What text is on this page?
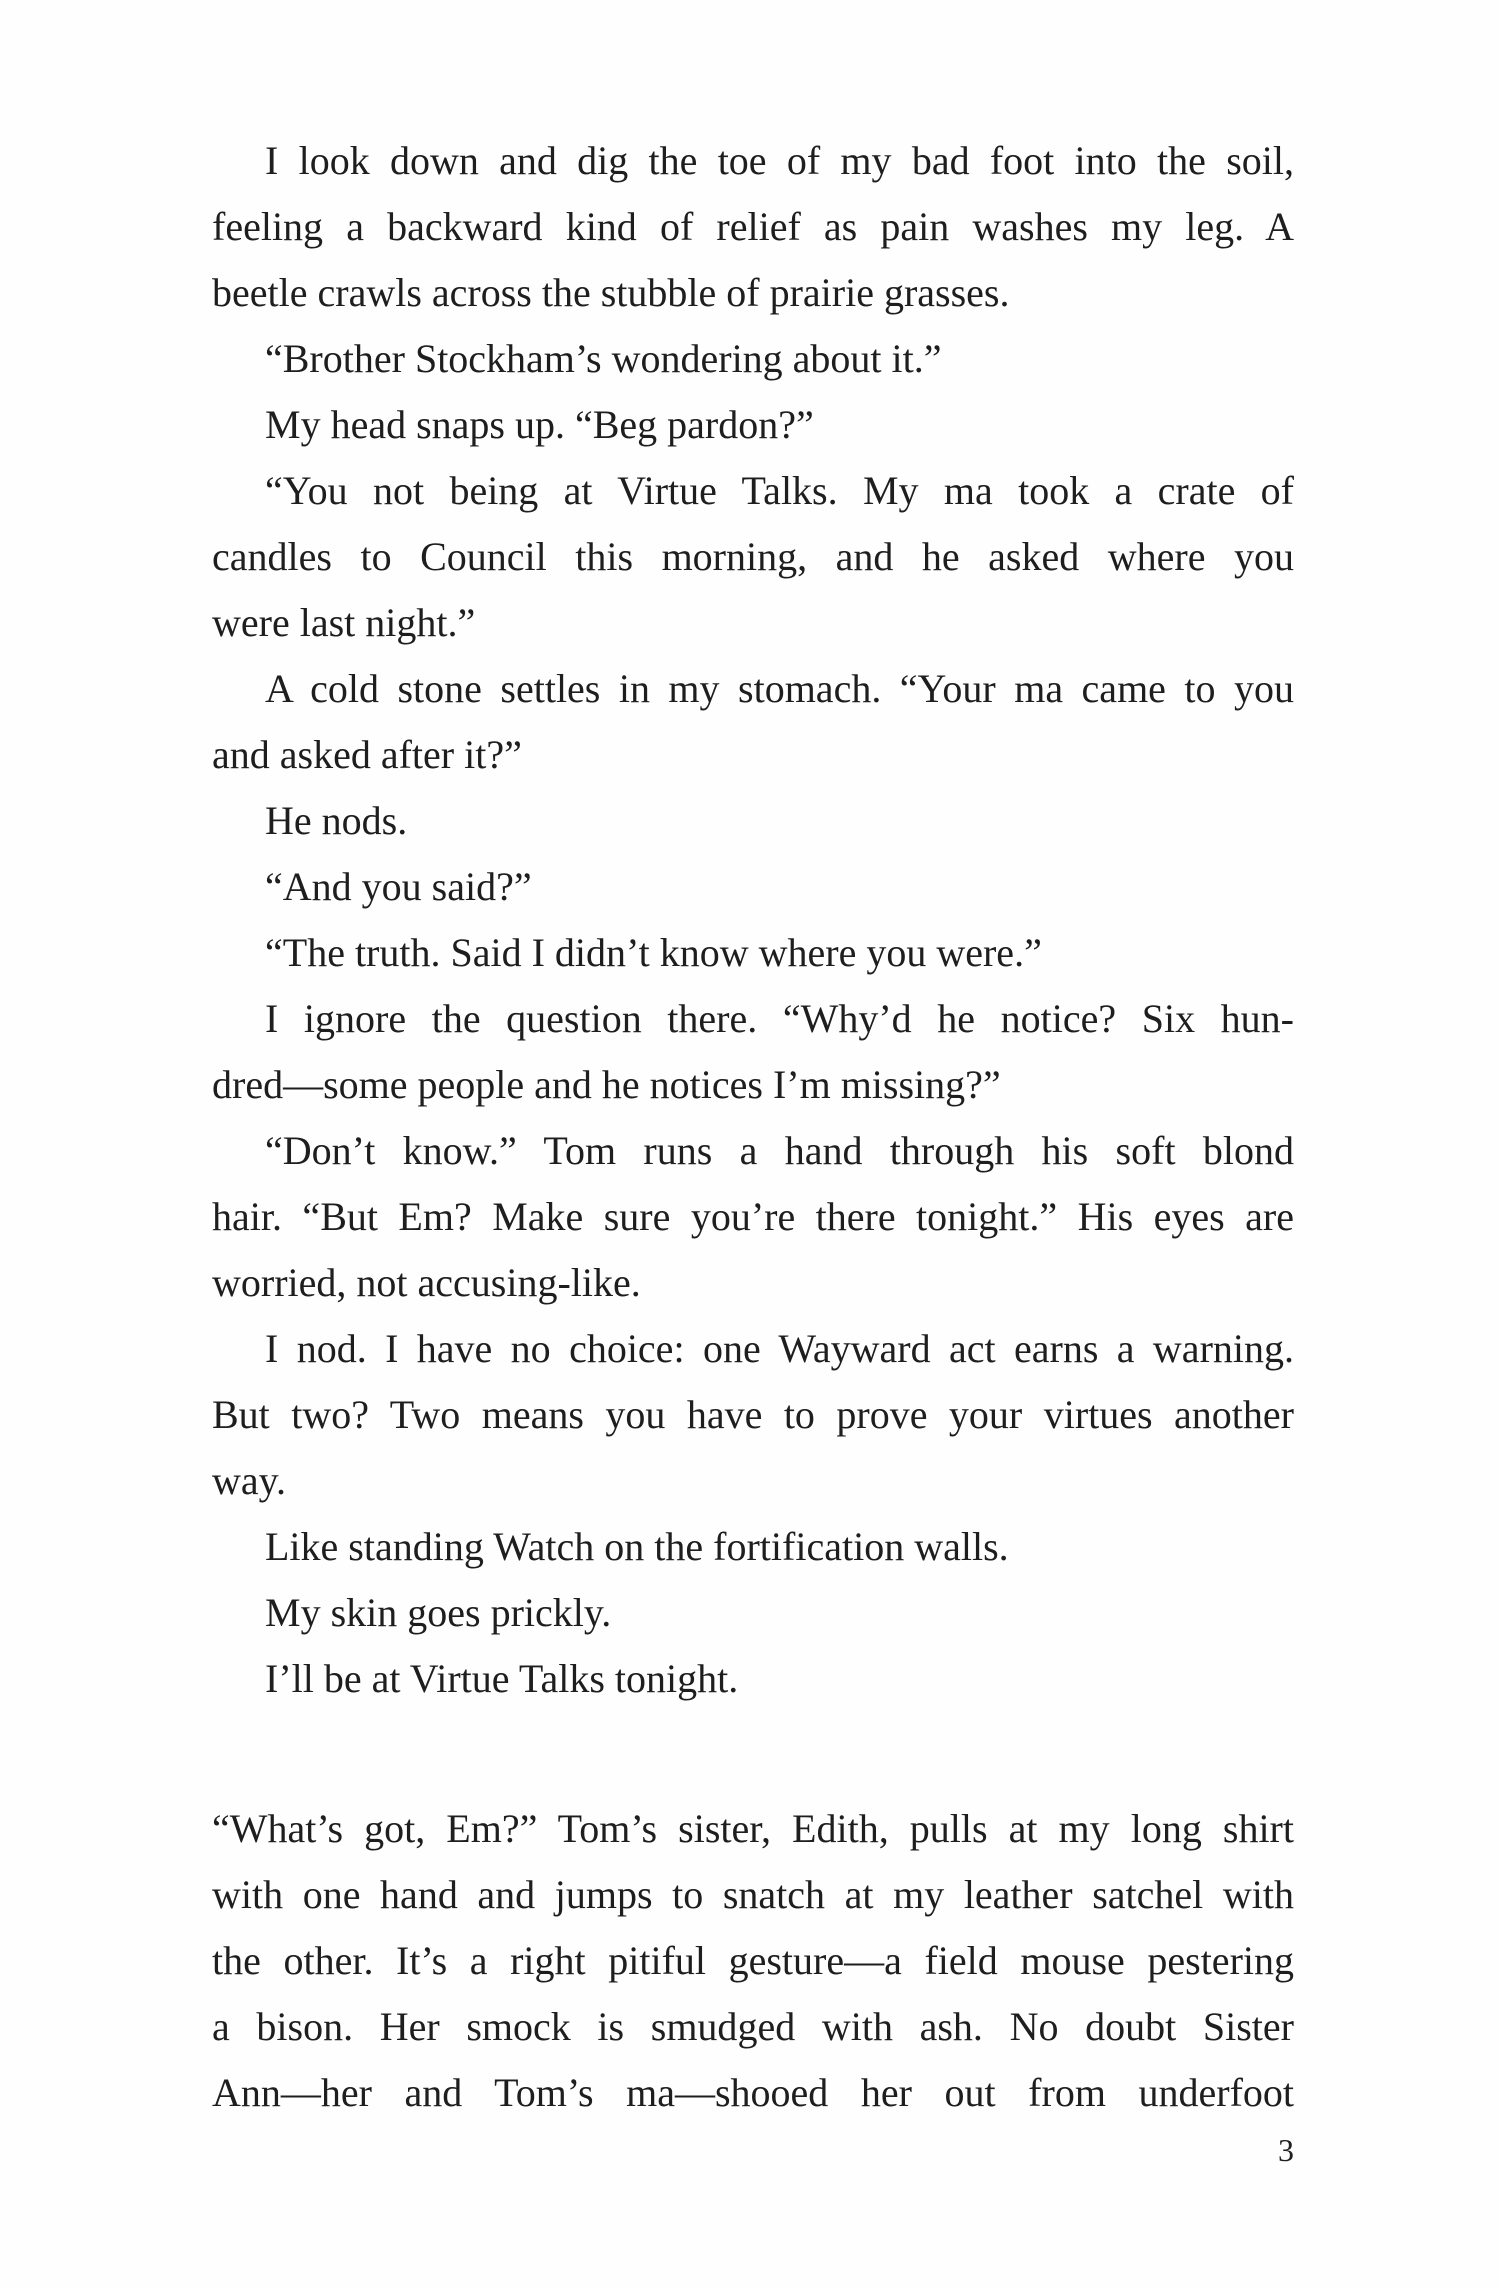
I look down and dig the toe of my bad foot into the soil,
feeling a backward kind of relief as pain washes my leg. A
beetle crawls across the stubble of prairie grasses.
“Brother Stockham’s wondering about it.”
My head snaps up. “Beg pardon?”
“You not being at Virtue Talks. My ma took a crate of
candles to Council this morning, and he asked where you
were last night.”
A cold stone settles in my stomach. “Your ma came to you
and asked after it?”
He nods.
“And you said?”
“The truth. Said I didn’t know where you were.”
I ignore the question there. “Why’d he notice? Six hun-
dred—some people and he notices I’m missing?”
“Don’t know.” Tom runs a hand through his soft blond
hair. “But Em? Make sure you’re there tonight.” His eyes are
worried, not accusing-like.
I nod. I have no choice: one Wayward act earns a warning.
But two? Two means you have to prove your virtues another
way.
Like standing Watch on the fortification walls.
My skin goes prickly.
I’ll be at Virtue Talks tonight.
“What’s got, Em?” Tom’s sister, Edith, pulls at my long shirt
with one hand and jumps to snatch at my leather satchel with
the other. It’s a right pitiful gesture—a field mouse pestering
a bison. Her smock is smudged with ash. No doubt Sister
Ann—her and Tom’s ma—shooed her out from underfoot
3
